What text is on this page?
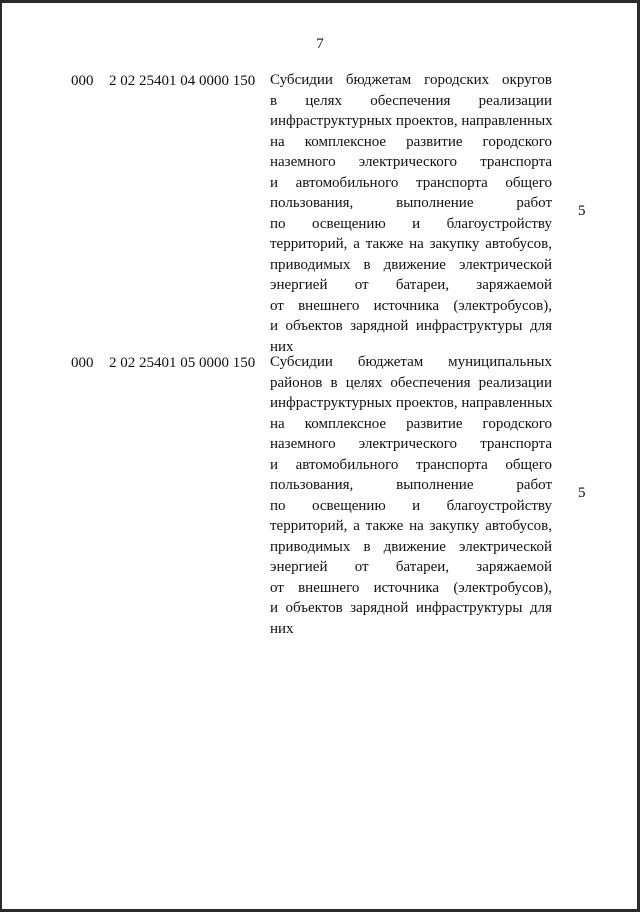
7
000 2 02 25401 04 0000 150 Субсидии бюджетам городских округов
в целях обеспечения реализации
инфраструктурных проектов, направленных
на комплексное развитие городского
наземного электрического транспорта
и автомобильного транспорта общего
пользования, выполнение работ
по освещению и благоустройству
территорий, а также на закупку автобусов,
приводимых в движение электрической
энергией от батареи, заряжаемой
от внешнего источника (электробусов),
и объектов зарядной инфраструктуры для
них
5
000 2 02 25401 05 0000 150 Субсидии бюджетам муниципальных
районов в целях обеспечения реализации
инфраструктурных проектов, направленных
на комплексное развитие городского
наземного электрического транспорта
и автомобильного транспорта общего
пользования, выполнение работ
по освещению и благоустройству
территорий, а также на закупку автобусов,
приводимых в движение электрической
энергией от батареи, заряжаемой
от внешнего источника (электробусов),
и объектов зарядной инфраструктуры для
них
5
